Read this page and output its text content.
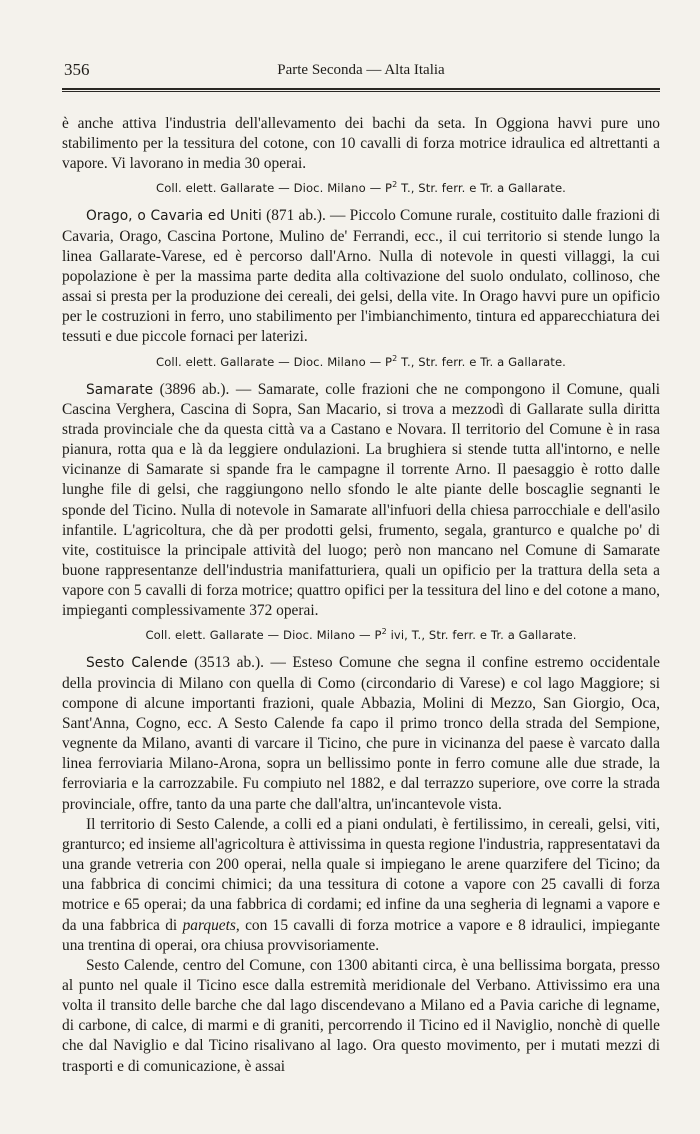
356	Parte Seconda — Alta Italia

è anche attiva l'industria dell'allevamento dei bachi da seta. In Oggiona havvi pure uno stabilimento per la tessitura del cotone, con 10 cavalli di forza motrice idraulica ed altrettanti a vapore. Vi lavorano in media 30 operai.

Coll. elett. Gallarate — Dioc. Milano — $P^2$ T., Str. ferr. e Tr. a Gallarate.

Orago, o Cavaria ed Uniti (871 ab.). — Piccolo Comune rurale, costituito dalle frazioni di Cavaria, Orago, Cascina Portone, Mulino de' Ferrandi, ecc., il cui territorio si stende lungo la linea Gallarate-Varese, ed è percorso dall'Arno. Nulla di notevole in questi villaggi, la cui popolazione è per la massima parte dedita alla coltivazione del suolo ondulato, collinoso, che assai si presta per la produzione dei cereali, dei gelsi, della vite. In Orago havvi pure un opificio per le costruzioni in ferro, uno stabilimento per l'imbianchimento, tintura ed apparecchiatura dei tessuti e due piccole fornaci per laterizi.

Coll. elett. Gallarate — Dioc. Milano — $P^2$ T., Str. ferr. e Tr. a Gallarate.

Samarate (3896 ab.). — Samarate, colle frazioni che ne compongono il Comune, quali Cascina Verghera, Cascina di Sopra, San Macario, si trova a mezzodì di Gallarate sulla diritta strada provinciale che da questa città va a Castano e Novara. Il territorio del Comune è in rasa pianura, rotta qua e là da leggiere ondulazioni. La brughiera si stende tutta all'intorno, e nelle vicinanze di Samarate si spande fra le campagne il torrente Arno. Il paesaggio è rotto dalle lunghe file di gelsi, che raggiungono nello sfondo le alte piante delle boscaglie segnanti le sponde del Ticino. Nulla di notevole in Samarate all'infuori della chiesa parrocchiale e dell'asilo infantile. L'agricoltura, che dà per prodotti gelsi, frumento, segala, granturco e qualche po' di vite, costituisce la principale attività del luogo; però non mancano nel Comune di Samarate buone rappresentanze dell'industria manifatturiera, quali un opificio per la trattura della seta a vapore con 5 cavalli di forza motrice; quattro opifici per la tessitura del lino e del cotone a mano, impieganti complessivamente 372 operai.

Coll. elett. Gallarate — Dioc. Milano — $P^2$ ivi, T., Str. ferr. e Tr. a Gallarate.

Sesto Calende (3513 ab.). — Esteso Comune che segna il confine estremo occidentale della provincia di Milano con quella di Como (circondario di Varese) e col lago Maggiore; si compone di alcune importanti frazioni, quale Abbazia, Molini di Mezzo, San Giorgio, Oca, Sant'Anna, Cogno, ecc. A Sesto Calende fa capo il primo tronco della strada del Sempione, vegnente da Milano, avanti di varcare il Ticino, che pure in vicinanza del paese è varcato dalla linea ferroviaria Milano-Arona, sopra un bellissimo ponte in ferro comune alle due strade, la ferroviaria e la carrozzabile. Fu compiuto nel 1882, e dal terrazzo superiore, ove corre la strada provinciale, offre, tanto da una parte che dall'altra, un'incantevole vista.

Il territorio di Sesto Calende, a colli ed a piani ondulati, è fertilissimo, in cereali, gelsi, viti, granturco; ed insieme all'agricoltura è attivissima in questa regione l'industria, rappresentatavi da una grande vetreria con 200 operai, nella quale si impiegano le arene quarzifere del Ticino; da una fabbrica di concimi chimici; da una tessitura di cotone a vapore con 25 cavalli di forza motrice e 65 operai; da una fabbrica di cordami; ed infine da una segheria di legnami a vapore e da una fabbrica di parquets, con 15 cavalli di forza motrice a vapore e 8 idraulici, impiegante una trentina di operai, ora chiusa provvisoriamente.

Sesto Calende, centro del Comune, con 1300 abitanti circa, è una bellissima borgata, presso al punto nel quale il Ticino esce dalla estremità meridionale del Verbano. Attivissimo era una volta il transito delle barche che dal lago discendevano a Milano ed a Pavia cariche di legname, di carbone, di calce, di marmi e di graniti, percorrendo il Ticino ed il Naviglio, nonchè di quelle che dal Naviglio e dal Ticino risalivano al lago. Ora questo movimento, per i mutati mezzi di trasporti e di comunicazione, è assai
